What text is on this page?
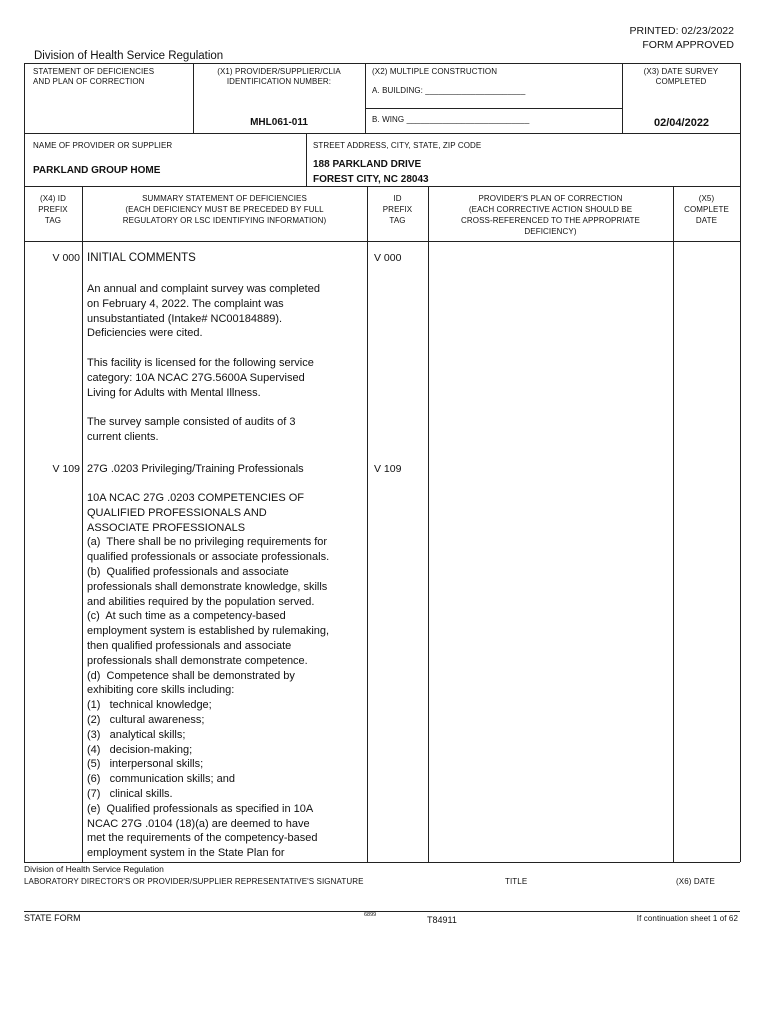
PRINTED: 02/23/2022
FORM APPROVED
Division of Health Service Regulation
STATEMENT OF DEFICIENCIES
AND PLAN OF CORRECTION
(X1) PROVIDER/SUPPLIER/CLIA
IDENTIFICATION NUMBER:
MHL061-011
(X2) MULTIPLE CONSTRUCTION
A. BUILDING: ______________________
B. WING ___________________________
(X3) DATE SURVEY
COMPLETED
02/04/2022
NAME OF PROVIDER OR SUPPLIER
PARKLAND GROUP HOME
STREET ADDRESS, CITY, STATE, ZIP CODE
188 PARKLAND DRIVE
FOREST CITY, NC 28043
(X4) ID
PREFIX
TAG
SUMMARY STATEMENT OF DEFICIENCIES
(EACH DEFICIENCY MUST BE PRECEDED BY FULL
REGULATORY OR LSC IDENTIFYING INFORMATION)
ID
PREFIX
TAG
PROVIDER'S PLAN OF CORRECTION
(EACH CORRECTIVE ACTION SHOULD BE
CROSS-REFERENCED TO THE APPROPRIATE
DEFICIENCY)
(X5)
COMPLETE
DATE
V 000 INITIAL COMMENTS	V 000
An annual and complaint survey was completed
on February 4, 2022. The complaint was
unsubstantiated (Intake# NC00184889).
Deficiencies were cited.

This facility is licensed for the following service
category: 10A NCAC 27G.5600A Supervised
Living for Adults with Mental Illness.

The survey sample consisted of audits of 3
current clients.
V 109 27G .0203 Privileging/Training Professionals	V 109
10A NCAC 27G .0203 COMPETENCIES OF
QUALIFIED PROFESSIONALS AND
ASSOCIATE PROFESSIONALS
(a)  There shall be no privileging requirements for
qualified professionals or associate professionals.
(b)  Qualified professionals and associate
professionals shall demonstrate knowledge, skills
and abilities required by the population served.
(c)  At such time as a competency-based
employment system is established by rulemaking,
then qualified professionals and associate
professionals shall demonstrate competence.
(d)  Competence shall be demonstrated by
exhibiting core skills including:
(1)   technical knowledge;
(2)   cultural awareness;
(3)   analytical skills;
(4)   decision-making;
(5)   interpersonal skills;
(6)   communication skills; and
(7)   clinical skills.
(e)  Qualified professionals as specified in 10A
NCAC 27G .0104 (18)(a) are deemed to have
met the requirements of the competency-based
employment system in the State Plan for
Division of Health Service Regulation
LABORATORY DIRECTOR'S OR PROVIDER/SUPPLIER REPRESENTATIVE'S SIGNATURE	TITLE	(X6) DATE
STATE FORM	6899	T84911	If continuation sheet 1 of 62
